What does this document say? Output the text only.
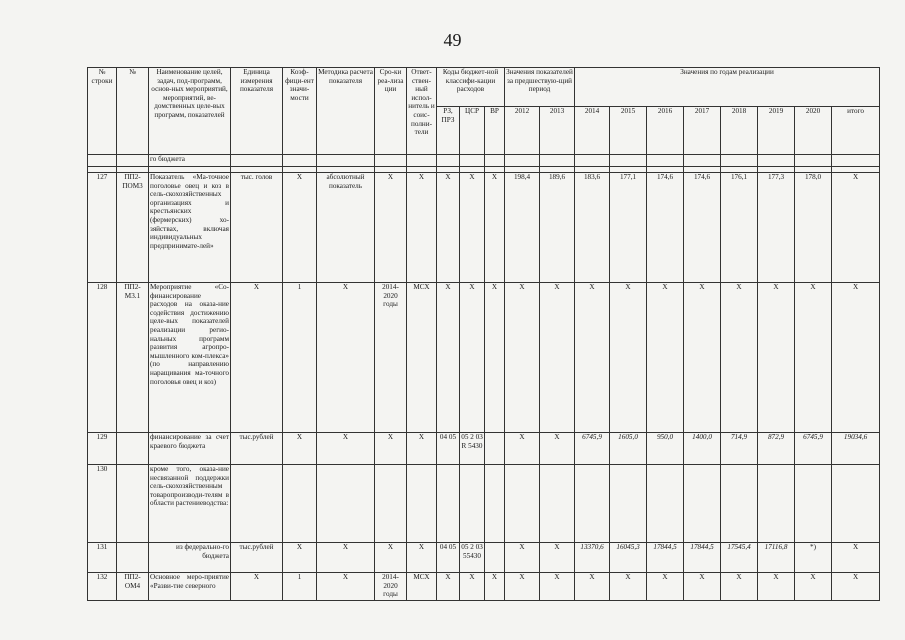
49
№ строки	№	Наименование целей, задач, под-программ, основ-ных мероприятий, мероприятий, ве-домственных целе-вых программ, показателей	Единица измерения показателя	Коэф-фици-ент значи-мости	Методика расчета показателя	Сро-ки реа-лиза ции	Ответ-ствен-ный испол-нитель и соис-полни-тели	Коды бюджет-ной классифи-кации расходов			Значения показателей за предшествую-щий период		Значения по годам реализации							
								РЗ, ПРЗ	ЦСР	ВР	2012	2013	2014	2015	2016	2017	2018	2019	2020	итого
		го бюджета																		

127	ПП2-ПОМ3	Показатель «Ма-точное поголовье овец и коз в сель-скохозяйственных организациях и крестьянских (фермерских) хо-зяйствах, включая индивидуальных предпринимате-лей»	тыс. голов	Х	абсолютный показатель	Х	Х	Х	Х	Х	198,4	189,6	183,6	177,1	174,6	174,6	176,1	177,3	178,0	Х
128	ПП2-М3.1	Мероприятие «Со-финансирование расходов на оказа-ние содействия достижению целе-вых показателей реализации регио-нальных программ развития агропро-мышленного ком-плекса» (по направлению наращивания ма-точного поголовья овец и коз)	Х	1	Х	2014-2020 годы	МСХ	Х	Х	Х	Х	Х	Х	Х	Х	Х	Х	Х	Х	Х
129		финансирование за счет краевого бюджета	тыс.рублей	Х	Х	Х	Х	04 05	05 2 03 R 5430		Х	Х	6745,9	1605,0	950,0	1400,0	714,9	872,9	6745,9	19034,6
130		кроме того, оказа-ние несвязанной поддержки сель-скохозяйственным товаропроизводи-телям в области растениеводства:																		
131		из федерально-го бюджета	тыс.рублей	Х	Х	Х	Х	04 05	05 2 03 55430		Х	Х	13370,6	16045,3	17844,5	17844,5	17545,4	17116,8	*)	Х
132	ПП2-ОМ4	Основное меро-приятие «Разви-тие северного	Х	1	Х	2014-2020 годы	МСХ	Х	Х	Х	Х	Х	Х	Х	Х	Х	Х	Х	Х	Х
